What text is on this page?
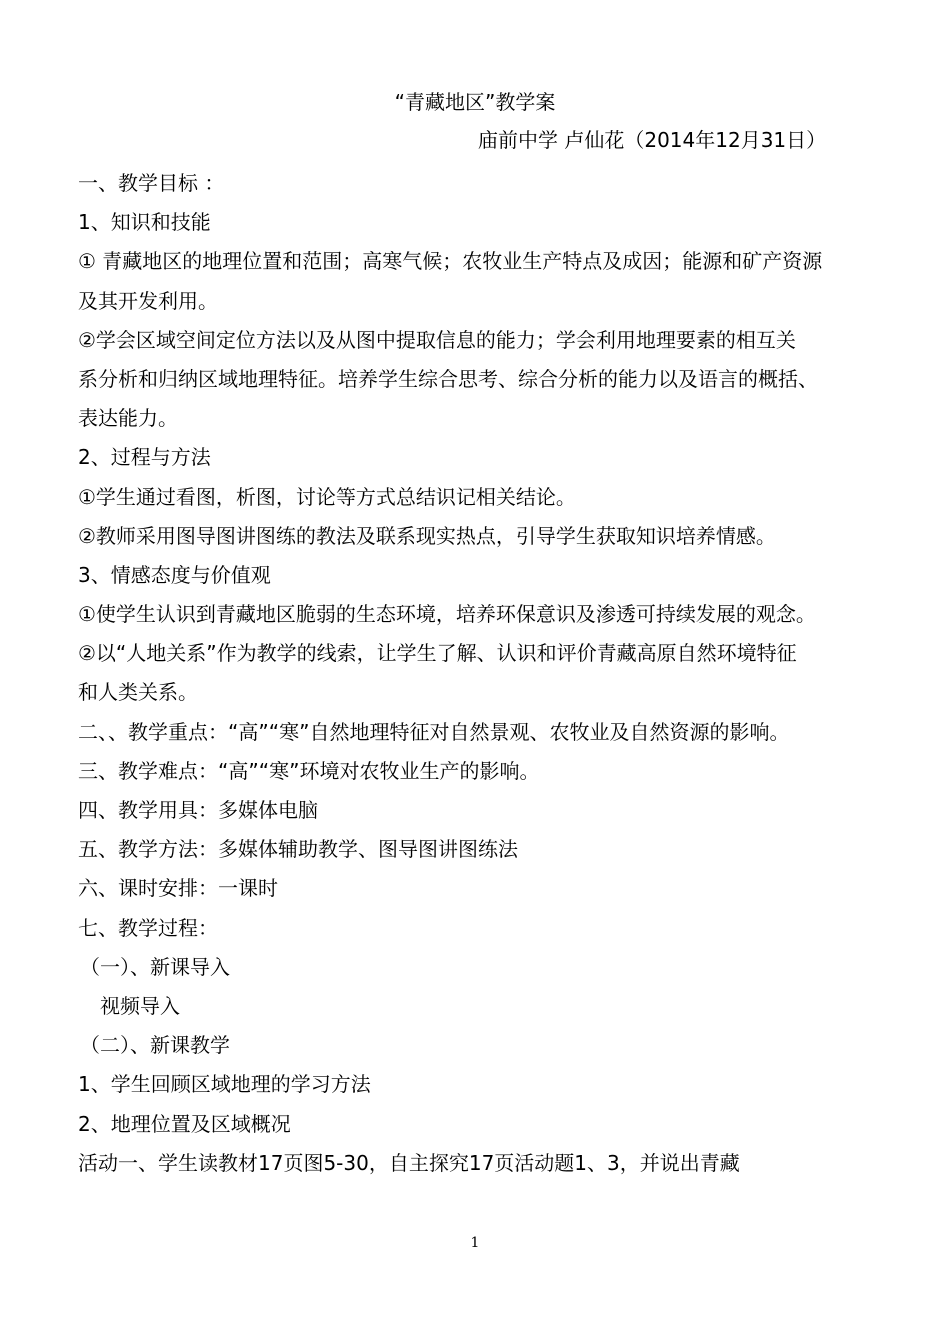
“青藏地区”教学案
庙前中学 卢仙花（2014年12月31日）
一、教学目标 ：
1、知识和技能
① 青藏地区的地理位置和范围；高寒气候；农牧业生产特点及成因；能源和矿产资源
及其开发利用。
②学会区域空间定位方法以及从图中提取信息的能力；学会利用地理要素的相互关
系分析和归纳区域地理特征。培养学生综合思考、综合分析的能力以及语言的概括、
表达能力。
2、过程与方法
①学生通过看图，析图，讨论等方式总结识记相关结论。
②教师采用图导图讲图练的教法及联系现实热点，引导学生获取知识培养情感。
3、情感态度与价值观
①使学生认识到青藏地区脆弱的生态环境，培养环保意识及渗透可持续发展的观念。
②以“人地关系”作为教学的线索，让学生了解、认识和评价青藏高原自然环境特征
和人类关系。
二、、教学重点：“高”“寒”自然地理特征对自然景观、农牧业及自然资源的影响。
三、教学难点：“高”“寒”环境对农牧业生产的影响。
四、教学用具：多媒体电脑
五、教学方法：多媒体辅助教学、图导图讲图练法
六、课时安排：一课时
七、教学过程：
（一）、新课导入
视频导入
（二）、新课教学
1、学生回顾区域地理的学习方法
2、地理位置及区域概况
活动一、学生读教材17页图5-30，自主探究17页活动题1、3，并说出青藏
1
